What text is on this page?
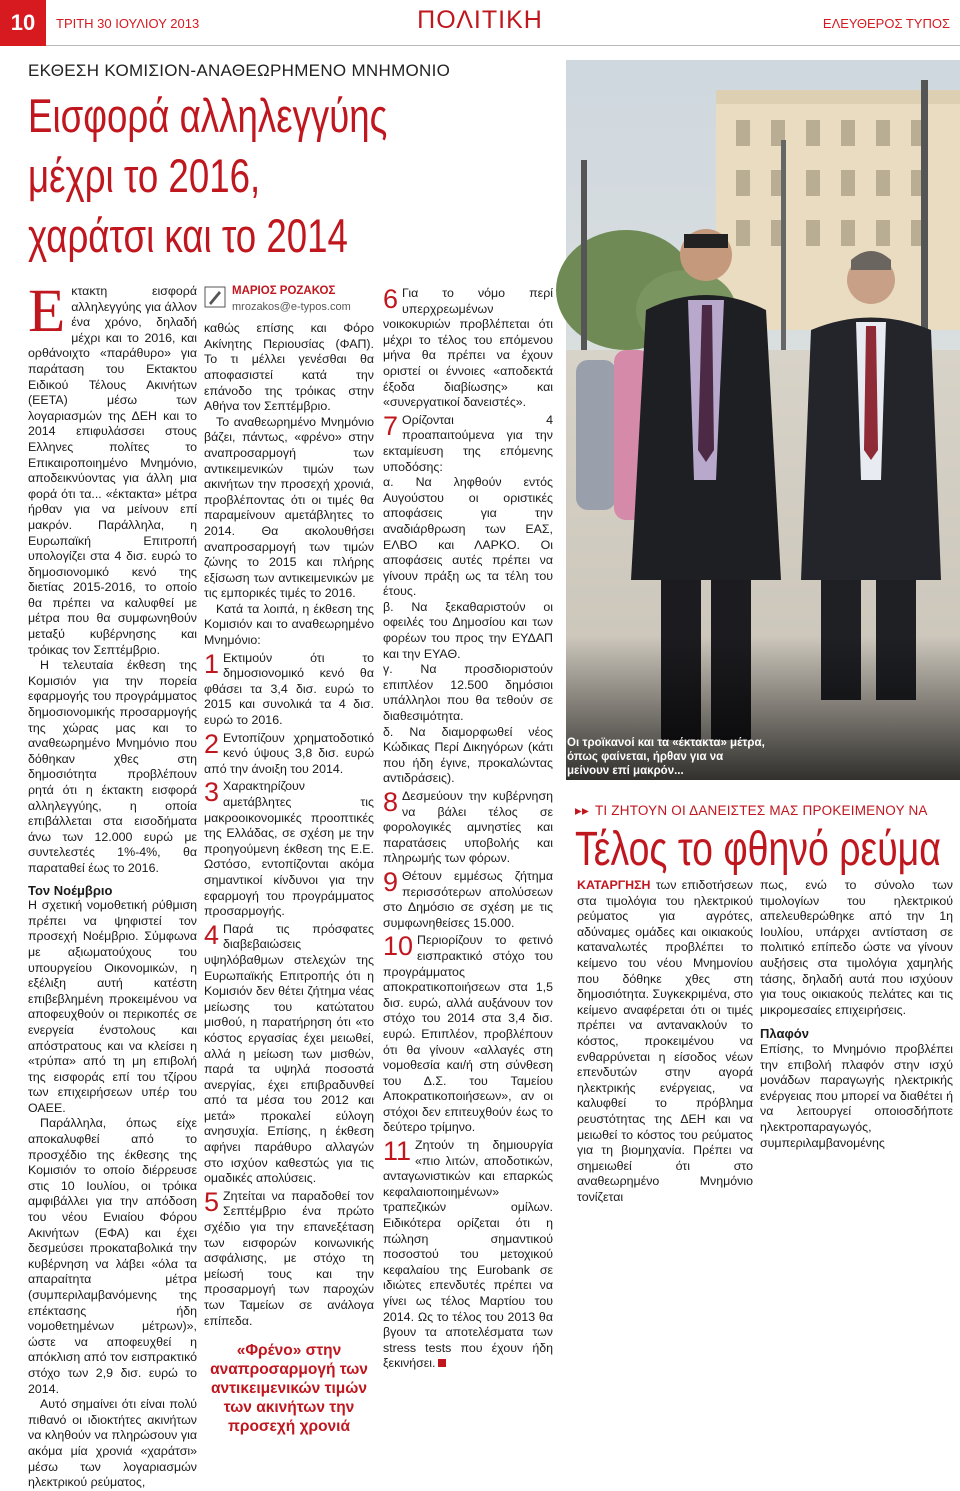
10	ΤΡΙΤΗ 30 ΙΟΥΛΙΟΥ 2013	ΠΟΛΙΤΙΚΗ	ΕΛΕΥΘΕΡΟΣ ΤΥΠΟΣ
ΕΚΘΕΣΗ ΚΟΜΙΣΙΟΝ-ΑΝΑΘΕΩΡΗΜΕΝΟ ΜΝΗΜΟΝΙΟ
Εισφορά αλληλεγγύης
μέχρι το 2016,
χαράτσι και το 2014

Εκτακτη εισφορά αλληλεγγύης για άλλον ένα χρόνο, δηλαδή μέχρι και το 2016, και ορθάνοιχτο «παράθυρο» για παράταση του Εκτακτου Ειδικού Τέλους Ακινήτων (ΕΕΤΑ) μέσω των λογαριασμών της ΔΕΗ και το 2014 επιφυλάσσει στους Ελληνες πολίτες το Επικαιροποιημένο Μνημόνιο, αποδεικνύοντας για άλλη μια φορά ότι τα... «έκτακτα» μέτρα ήρθαν για να μείνουν επί μακρόν. Παράλληλα, η Ευρωπαϊκή Επιτροπή υπολογίζει στα 4 δισ. ευρώ το δημοσιονομικό κενό της διετίας 2015-2016, το οποίο θα πρέπει να καλυφθεί με μέτρα που θα συμφωνηθούν μεταξύ κυβέρνησης και τρόικας τον Σεπτέμβριο.

Η τελευταία έκθεση της Κομισιόν για την πορεία εφαρμογής του προγράμματος δημοσιονομικής προσαρμογής της χώρας μας και το αναθεωρημένο Μνημόνιο που δόθηκαν χθες στη δημοσιότητα προβλέπουν ρητά ότι η έκτακτη εισφορά αλληλεγγύης, η οποία επιβάλλεται στα εισοδήματα άνω των 12.000 ευρώ με συντελεστές 1%-4%, θα παραταθεί έως το 2016.

Τον Νοέμβριο

Η σχετική νομοθετική ρύθμιση πρέπει να ψηφιστεί τον προσεχή Νοέμβριο. Σύμφωνα με αξιωματούχους του υπουργείου Οικονομικών, η εξέλιξη αυτή κατέστη επιβεβλημένη προκειμένου να αποφευχθούν οι περικοπές σε ενεργεία ένστολους και απόστρατους και να κλείσει η «τρύπα» από τη μη επιβολή της εισφοράς επί του τζίρου των επιχειρήσεων υπέρ του ΟΑΕΕ.

Παράλληλα, όπως είχε αποκαλυφθεί από το προσχέδιο της έκθεσης της Κομισιόν το οποίο διέρρευσε στις 10 Ιουλίου, οι τρόικα αμφιβάλλει για την απόδοση του νέου Ενιαίου Φόρου Ακινήτων (ΕΦΑ) και έχει δεσμεύσει προκαταβολικά την κυβέρνηση να λάβει «όλα τα απαραίτητα μέτρα (συμπεριλαμβανόμενης της επέκτασης ήδη νομοθετημένων μέτρων)», ώστε να αποφευχθεί η απόκλιση από τον εισπρακτικό στόχο των 2,9 δισ. ευρώ το 2014.

Αυτό σημαίνει ότι είναι πολύ πιθανό οι ιδιοκτήτες ακινήτων να κληθούν να πληρώσουν για ακόμα μία χρονιά «χαράτσι» μέσω των λογαριασμών ηλεκτρικού ρεύματος,

ΜΑΡΙΟΣ ΡΟΖΑΚΟΣ
mrozakos@e-typos.com

καθώς επίσης και Φόρο Ακίνητης Περιουσίας (ΦΑΠ). Το τι μέλλει γενέσθαι θα αποφασιστεί κατά την επάνοδο της τρόικας στην Αθήνα τον Σεπτέμβριο.

Το αναθεωρημένο Μνημόνιο βάζει, πάντως, «φρένο» στην αναπροσαρμογή των αντικειμενικών τιμών των ακινήτων την προσεχή χρονιά, προβλέποντας ότι οι τιμές θα παραμείνουν αμετάβλητες το 2014. Θα ακολουθήσει αναπροσαρμογή των τιμών ζώνης το 2015 και πλήρης εξίσωση των αντικειμενικών με τις εμπορικές τιμές το 2016.

Κατά τα λοιπά, η έκθεση της Κομισιόν και το αναθεωρημένο Μνημόνιο:

1 Εκτιμούν ότι το δημοσιονομικό κενό θα φθάσει τα 3,4 δισ. ευρώ το 2015 και συνολικά τα 4 δισ. ευρώ το 2016.
2 Εντοπίζουν χρηματοδοτικό κενό ύψους 3,8 δισ. ευρώ από την άνοιξη του 2014.
3 Χαρακτηρίζουν αμετάβλητες τις μακροοικονομικές προοπτικές της Ελλάδας, σε σχέση με την προηγούμενη έκθεση της Ε.Ε. Ωστόσο, εντοπίζονται ακόμα σημαντικοί κίνδυνοι για την εφαρμογή του προγράμματος προσαρμογής.
4 Παρά τις πρόσφατες διαβεβαιώσεις υψηλόβαθμων στελεχών της Ευρωπαϊκής Επιτροπής ότι η Κομισιόν δεν θέτει ζήτημα νέας μείωσης του κατώτατου μισθού, η παρατήρηση ότι «το κόστος εργασίας έχει μειωθεί, αλλά η μείωση των μισθών, παρά τα υψηλά ποσοστά ανεργίας, έχει επιβραδυνθεί από τα μέσα του 2012 και μετά» προκαλεί εύλογη ανησυχία. Επίσης, η έκθεση αφήνει παράθυρο αλλαγών στο ισχύον καθεστώς για τις ομαδικές απολύσεις.
5 Ζητείται να παραδοθεί τον Σεπτέμβριο ένα πρώτο σχέδιο για την επανεξέταση των εισφορών κοινωνικής ασφάλισης, με στόχο τη μείωσή τους και την προσαρμογή των παροχών των Ταμείων σε ανάλογα επίπεδα.
«Φρένο» στην αναπροσαρμογή των αντικειμενικών τιμών των ακινήτων την προσεχή χρονιά
6 Για το νόμο περί υπερχρεωμένων νοικοκυριών προβλέπεται ότι μέχρι το τέλος του επόμενου μήνα θα πρέπει να έχουν οριστεί οι έννοιες «αποδεκτά έξοδα διαβίωσης» και «συνεργατικοί δανειστές».
7 Ορίζονται 4 προαπαιτούμενα για την εκταμίευση της επόμενης υποδόσης:

α. Να ληφθούν εντός Αυγούστου οι οριστικές αποφάσεις για την αναδιάρθρωση των ΕΑΣ, ΕΛΒΟ και ΛΑΡΚΟ. Οι αποφάσεις αυτές πρέπει να γίνουν πράξη ως τα τέλη του έτους.

β. Να ξεκαθαριστούν οι οφειλές του Δημοσίου και των φορέων του προς την ΕΥΔΑΠ και την ΕΥΑΘ.

γ. Να προσδιοριστούν επιπλέον 12.500 δημόσιοι υπάλληλοι που θα τεθούν σε διαθεσιμότητα.

δ. Να διαμορφωθεί νέος Κώδικας Περί Δικηγόρων (κάτι που ήδη έγινε, προκαλώντας αντιδράσεις).

8 Δεσμεύουν την κυβέρνηση να βάλει τέλος σε φορολογικές αμνηστίες και παρατάσεις υποβολής και πληρωμής των φόρων.
9 Θέτουν εμμέσως ζήτημα περισσότερων απολύσεων στο Δημόσιο σε σχέση με τις συμφωνηθείσες 15.000.
10 Περιορίζουν το φετινό εισπρακτικό στόχο του προγράμματος αποκρατικοποιήσεων στα 1,5 δισ. ευρώ, αλλά αυξάνουν τον στόχο του 2014 στα 3,4 δισ. ευρώ. Επιπλέον, προβλέπουν ότι θα γίνουν «αλλαγές στη νομοθεσία και/ή στη σύνθεση του Δ.Σ. του Ταμείου Αποκρατικοποιήσεων», αν οι στόχοι δεν επιτευχθούν έως το δεύτερο τρίμηνο.
11 Ζητούν τη δημιουργία «πιο λιτών, αποδοτικών, ανταγωνιστικών και επαρκώς κεφαλαιοποιημένων» τραπεζικών ομίλων. Ειδικότερα ορίζεται ότι η πώληση σημαντικού ποσοστού του μετοχικού κεφαλαίου της Eurobank σε ιδιώτες επενδυτές πρέπει να γίνει ως τέλος Μαρτίου του 2014. Ως το τέλος του 2013 θα βγουν τα αποτελέσματα των stress tests που έχουν ήδη ξεκινήσει.
Οι τροϊκανοί και τα «έκτακτα» μέτρα, όπως φαίνεται, ήρθαν για να μείνουν επί μακρόν...
▸▸ ΤΙ ΖΗΤΟΥΝ ΟΙ ΔΑΝΕΙΣΤΕΣ ΜΑΣ ΠΡΟΚΕΙΜΕΝΟΥ ΝΑ
Τέλος το φθηνό ρεύμα

ΚΑΤΑΡΓΗΣΗ των επιδοτήσεων στα τιμολόγια του ηλεκτρικού ρεύματος για αγρότες, αδύναμες ομάδες και οικιακούς καταναλωτές προβλέπει το κείμενο του νέου Μνημονίου που δόθηκε χθες στη δημοσιότητα. Συγκεκριμένα, στο κείμενο αναφέρεται ότι οι τιμές πρέπει να αντανακλούν το κόστος, προκειμένου να ενθαρρύνεται η είσοδος νέων επενδυτών στην αγορά ηλεκτρικής ενέργειας, να καλυφθεί το πρόβλημα ρευστότητας της ΔΕΗ και να μειωθεί το κόστος του ρεύματος για τη βιομηχανία. Πρέπει να σημειωθεί ότι στο αναθεωρημένο Μνημόνιο τονίζεται

πως, ενώ το σύνολο των τιμολογίων του ηλεκτρικού απελευθερώθηκε από την 1η Ιουλίου, υπάρχει αντίσταση σε πολιτικό επίπεδο ώστε να γίνουν αυξήσεις στα τιμολόγια χαμηλής τάσης, δηλαδή αυτά που ισχύουν για τους οικιακούς πελάτες και τις μικρομεσαίες επιχειρήσεις.

Πλαφόν

Επίσης, το Μνημόνιο προβλέπει την επιβολή πλαφόν στην ισχύ μονάδων παραγωγής ηλεκτρικής ενέργειας που μπορεί να διαθέτει ή να λειτουργεί οποιοσδήποτε ηλεκτροπαραγωγός, συμπεριλαμβανομένης
